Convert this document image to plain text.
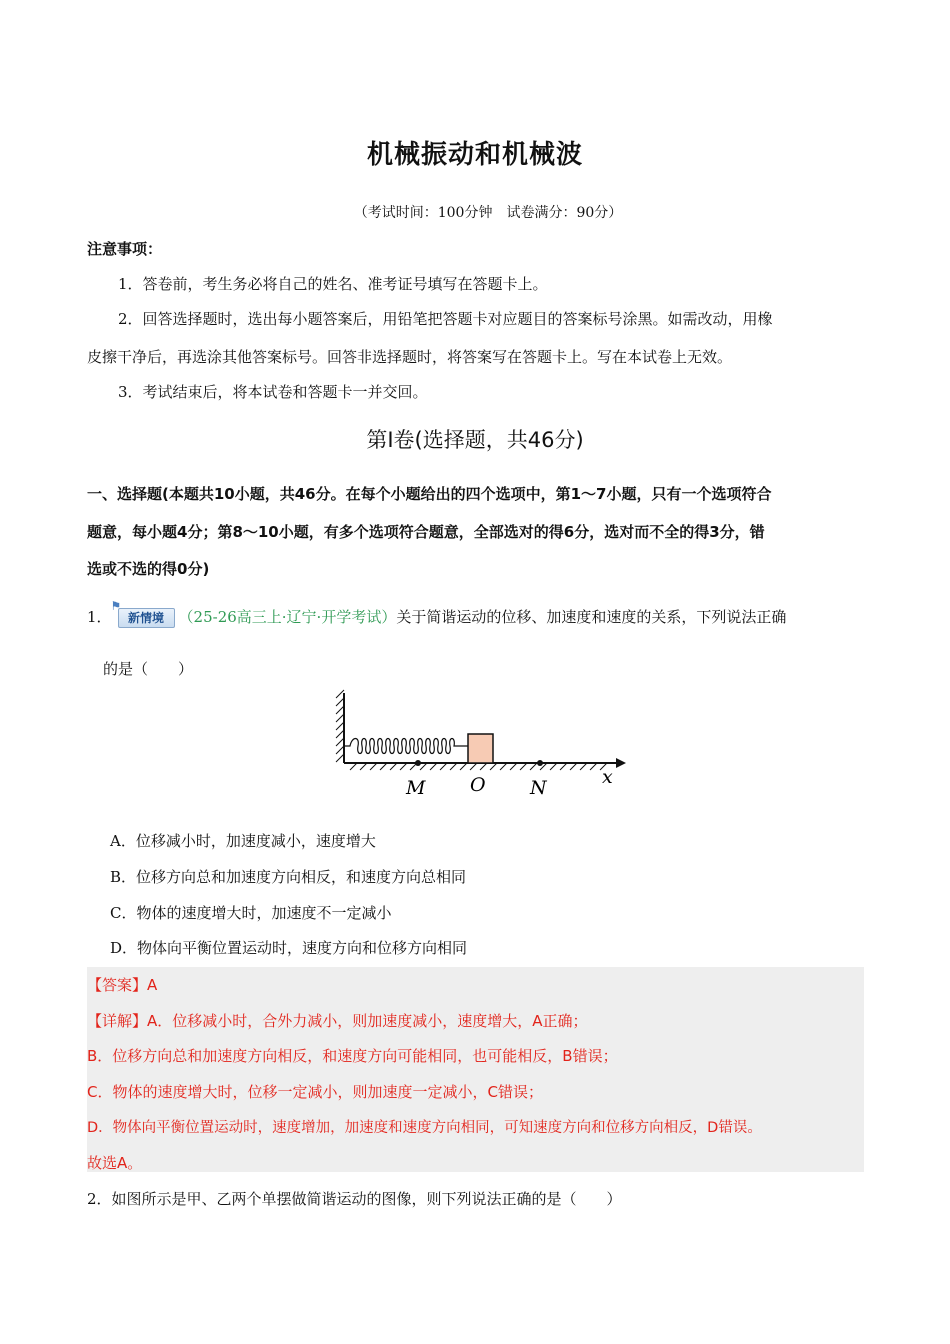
机械振动和机械波
（考试时间：100分钟　试卷满分：90分）
注意事项：
1．答卷前，考生务必将自己的姓名、准考证号填写在答题卡上。
2．回答选择题时，选出每小题答案后，用铅笔把答题卡对应题目的答案标号涂黑。如需改动，用橡
皮擦干净后，再选涂其他答案标号。回答非选择题时，将答案写在答题卡上。写在本试卷上无效。
3．考试结束后，将本试卷和答题卡一并交回。
第Ⅰ卷(选择题，共46分)
一、选择题(本题共10小题，共46分。在每个小题给出的四个选项中，第1～7小题，只有一个选项符合
题意，每小题4分；第8～10小题，有多个选项符合题意，全部选对的得6分，选对而不全的得3分，错
选或不选的得0分)
1．
⚑
新情境 （25-26高三上·辽宁·开学考试）关于简谐运动的位移、加速度和速度的关系，下列说法正确
的是（　　）
M O N	x
A．位移减小时，加速度减小，速度增大
B．位移方向总和加速度方向相反，和速度方向总相同
C．物体的速度增大时，加速度不一定减小
D．物体向平衡位置运动时，速度方向和位移方向相同
【答案】A
【详解】A．位移减小时，合外力减小，则加速度减小，速度增大，A正确；
B．位移方向总和加速度方向相反，和速度方向可能相同，也可能相反，B错误；
C．物体的速度增大时，位移一定减小，则加速度一定减小，C错误；
D．物体向平衡位置运动时，速度增加，加速度和速度方向相同，可知速度方向和位移方向相反，D错误。
故选A。
2．如图所示是甲、乙两个单摆做简谐运动的图像，则下列说法正确的是（　　）
